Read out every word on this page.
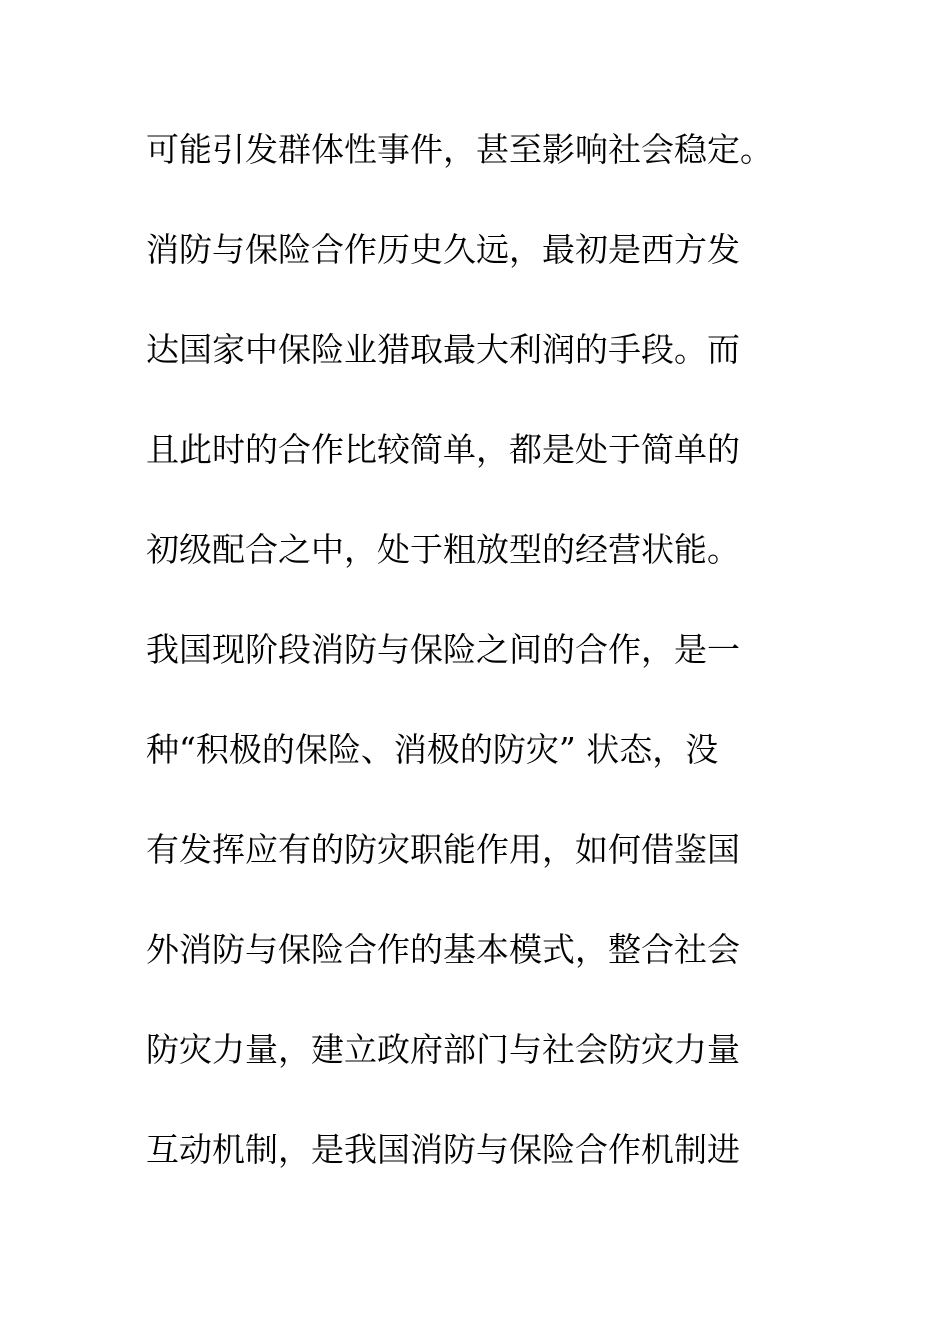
可能引发群体性事件，甚至影响社会稳定。
消防与保险合作历史久远，最初是西方发
达国家中保险业猎取最大利润的手段。而
且此时的合作比较简单，都是处于简单的
初级配合之中，处于粗放型的经营状能。
我国现阶段消防与保险之间的合作，是一
种“积极的保险、消极的防灾” 状态，没
有发挥应有的防灾职能作用，如何借鉴国
外消防与保险合作的基本模式，整合社会
防灾力量，建立政府部门与社会防灾力量
互动机制，是我国消防与保险合作机制进
